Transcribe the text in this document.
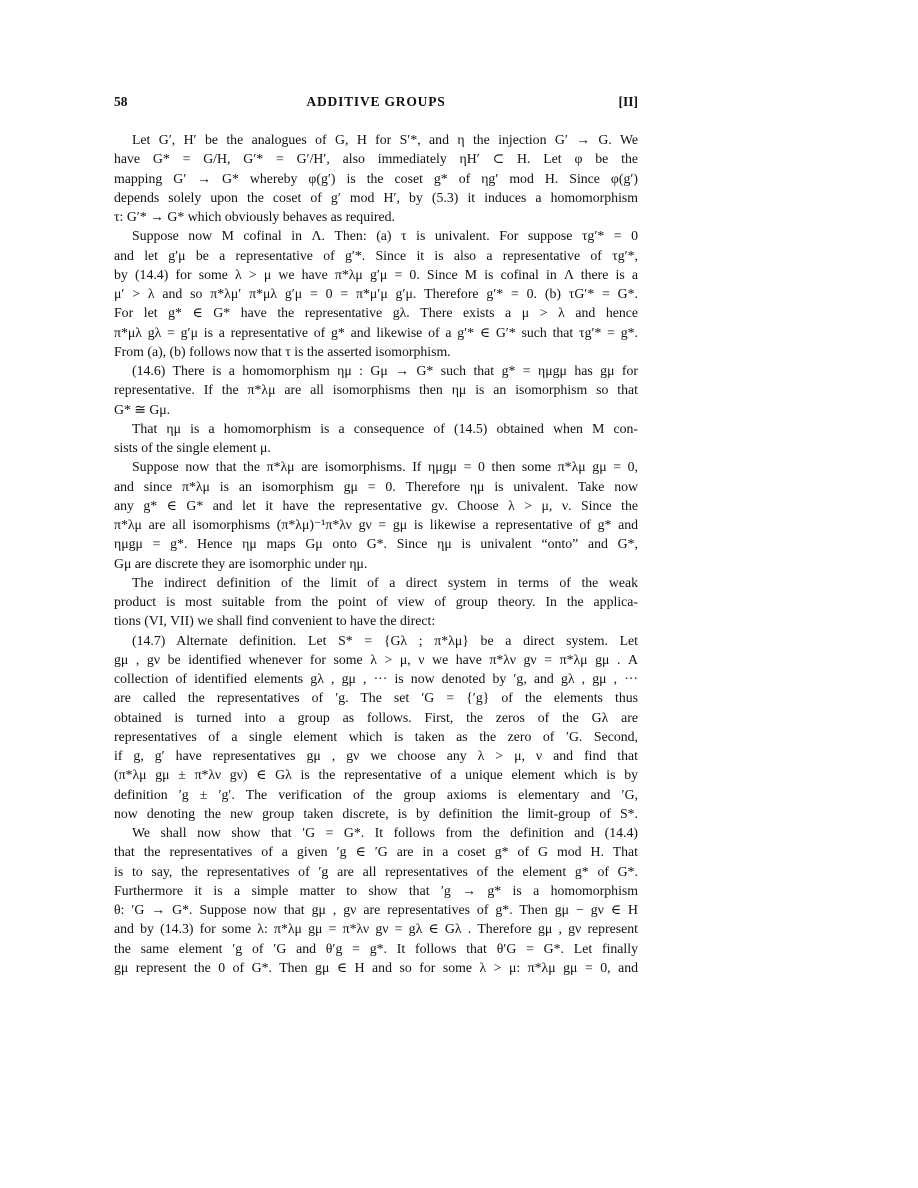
58	ADDITIVE GROUPS	[II]
Let G′, H′ be the analogues of G, H for S′*, and η the injection G′ → G. We
have G* = G/H, G′* = G′/H′, also immediately ηH′ ⊂ H. Let φ be the
mapping G′ → G* whereby φ(g′) is the coset g* of ηg′ mod H. Since φ(g′)
depends solely upon the coset of g′ mod H′, by (5.3) it induces a homomorphism
τ: G′* → G* which obviously behaves as required.
Suppose now M cofinal in Λ. Then: (a) τ is univalent. For suppose τg′* = 0
and let g′μ be a representative of g′*. Since it is also a representative of τg′*,
by (14.4) for some λ > μ we have π*λμ g′μ = 0. Since M is cofinal in Λ there is a
μ′ > λ and so π*λμ′ π*μλ g′μ = 0 = π*μ′μ g′μ. Therefore g′* = 0. (b) τG′* = G*.
For let g* ∈ G* have the representative gλ. There exists a μ > λ and hence
π*μλ gλ = g′μ is a representative of g* and likewise of a g′* ∈ G′* such that τg′* = g*.
From (a), (b) follows now that τ is the asserted isomorphism.
(14.6) There is a homomorphism ημ : Gμ → G* such that g* = ημgμ has gμ for
representative. If the π*λμ are all isomorphisms then ημ is an isomorphism so that
G* ≅ Gμ.
That ημ is a homomorphism is a consequence of (14.5) obtained when M con-
sists of the single element μ.
Suppose now that the π*λμ are isomorphisms. If ημgμ = 0 then some π*λμ gμ = 0,
and since π*λμ is an isomorphism gμ = 0. Therefore ημ is univalent. Take now
any g* ∈ G* and let it have the representative gν. Choose λ > μ, ν. Since the
π*λμ are all isomorphisms (π*λμ)⁻¹π*λν gν = gμ is likewise a representative of g* and
ημgμ = g*. Hence ημ maps Gμ onto G*. Since ημ is univalent “onto” and G*,
Gμ are discrete they are isomorphic under ημ.
The indirect definition of the limit of a direct system in terms of the weak
product is most suitable from the point of view of group theory. In the applica-
tions (VI, VII) we shall find convenient to have the direct:
(14.7) Alternate definition. Let S* = {Gλ ; π*λμ} be a direct system. Let
gμ , gν be identified whenever for some λ > μ, ν we have π*λν gν = π*λμ gμ . A
collection of identified elements gλ , gμ , ··· is now denoted by ′g, and gλ , gμ , ···
are called the representatives of ′g. The set ′G = {′g} of the elements thus
obtained is turned into a group as follows. First, the zeros of the Gλ are
representatives of a single element which is taken as the zero of ′G. Second,
if g, g′ have representatives gμ , gν we choose any λ > μ, ν and find that
(π*λμ gμ ± π*λν gν) ∈ Gλ is the representative of a unique element which is by
definition ′g ± ′g′. The verification of the group axioms is elementary and ′G,
now denoting the new group taken discrete, is by definition the limit-group of S*.
We shall now show that ′G = G*. It follows from the definition and (14.4)
that the representatives of a given ′g ∈ ′G are in a coset g* of G mod H. That
is to say, the representatives of ′g are all representatives of the element g* of G*.
Furthermore it is a simple matter to show that ′g → g* is a homomorphism
θ: ′G → G*. Suppose now that gμ , gν are representatives of g*. Then gμ − gν ∈ H
and by (14.3) for some λ: π*λμ gμ = π*λν gν = gλ ∈ Gλ . Therefore gμ , gν represent
the same element ′g of ′G and θ′g = g*. It follows that θ′G = G*. Let finally
gμ represent the 0 of G*. Then gμ ∈ H and so for some λ > μ: π*λμ gμ = 0, and
